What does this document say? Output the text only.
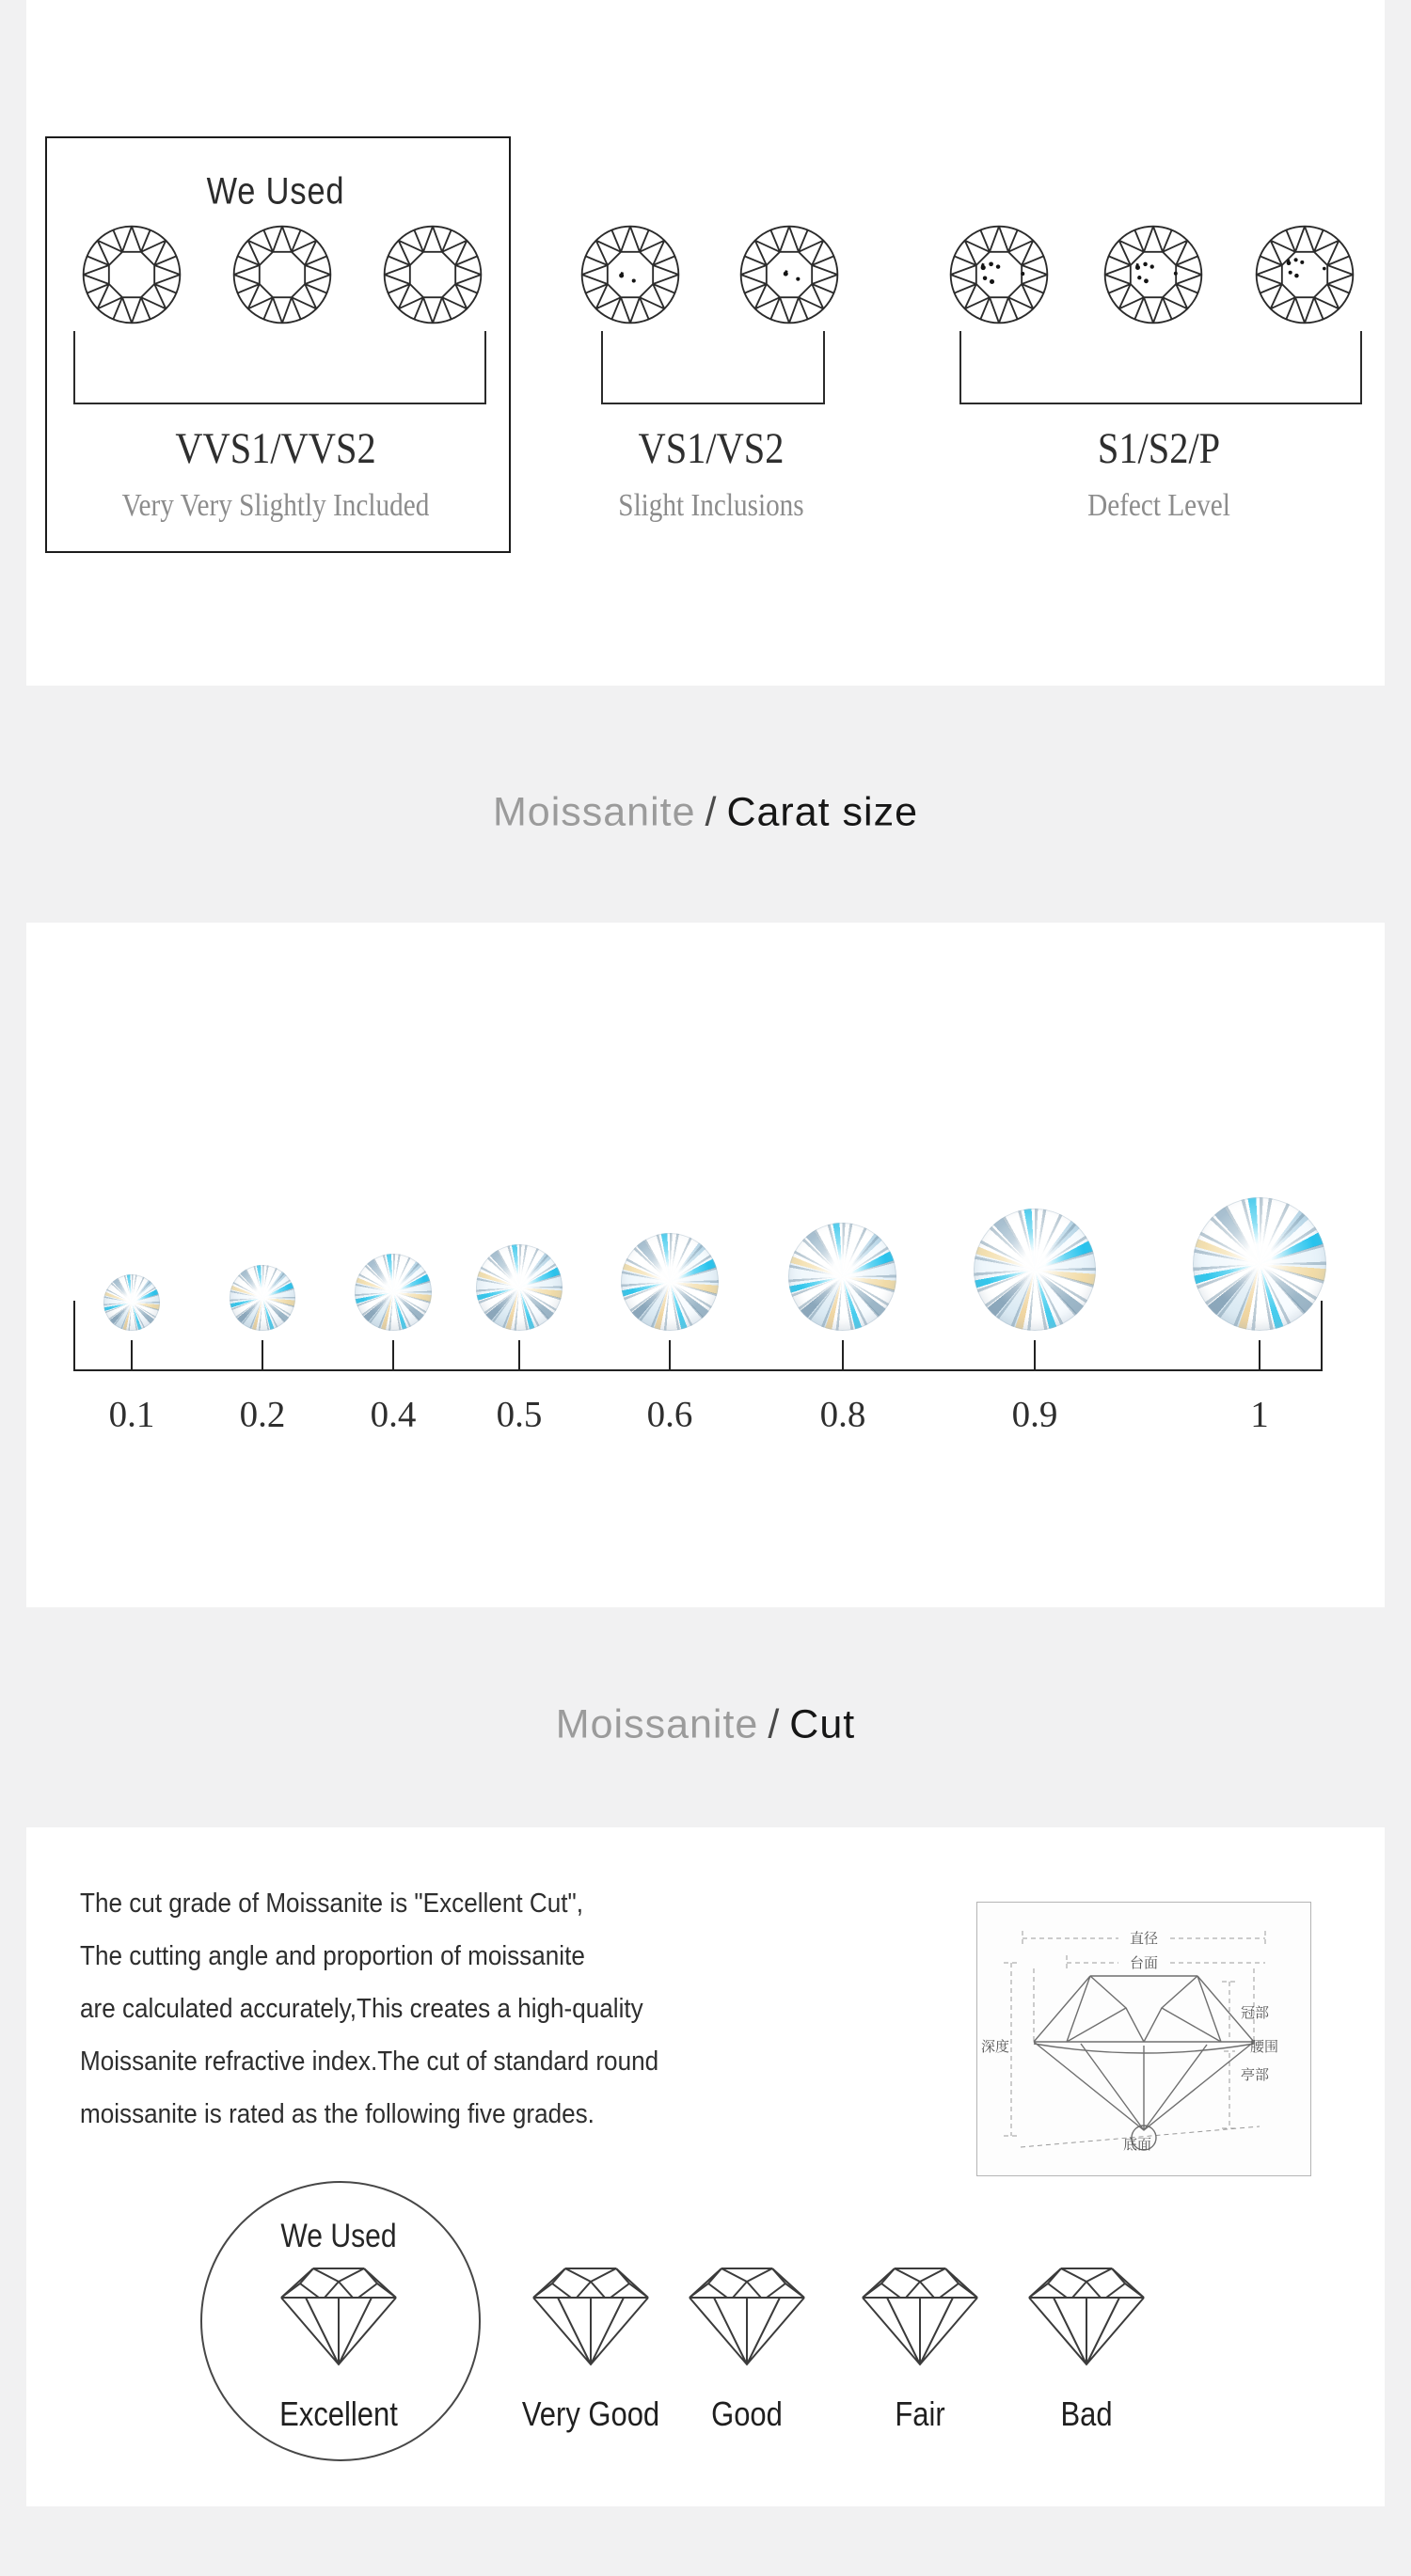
We Used
VVS1/VVS2	VS1/VS2	S1/S2/P
Very Very Slightly Included	Slight Inclusions	Defect Level
Moissanite / Carat size
0.1 0.2 0.4 0.5	0.6	0.8	0.9	1
Moissanite / Cut
The cut grade of Moissanite is "Excellent Cut",
The cutting angle and proportion of moissanite
are calculated accurately,This creates a high-quality
Moissanite refractive index.The cut of standard round
moissanite is rated as the following five grades.
直径
台面
深度
冠部
腰围
亭部
底面
We Used
Excellent	Very Good	Good	Fair	Bad
